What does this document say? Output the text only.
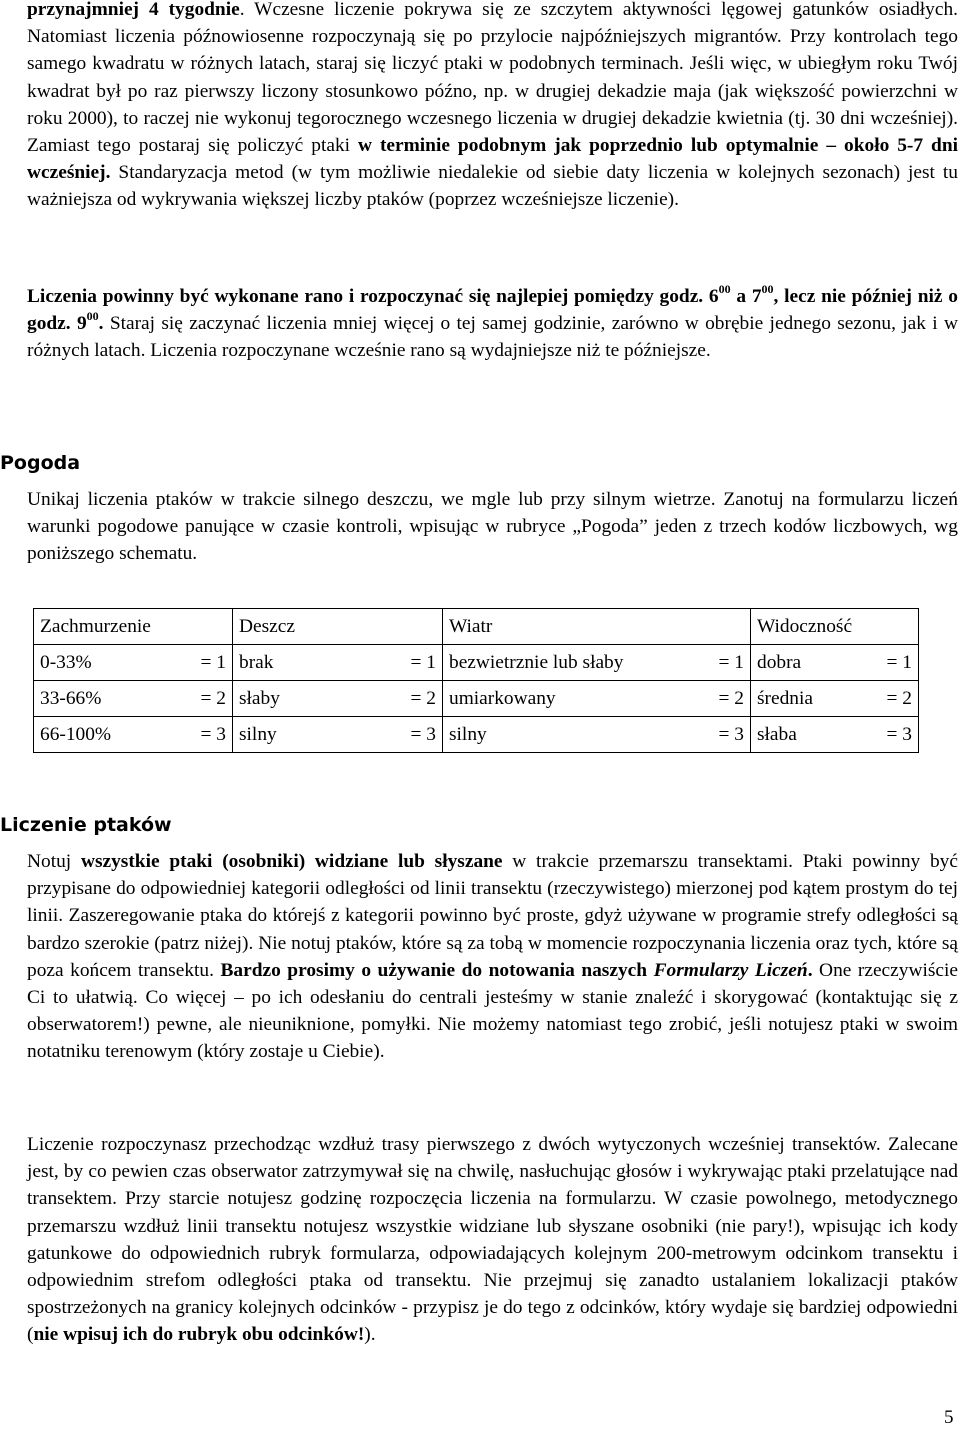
przynajmniej 4 tygodnie. Wczesne liczenie pokrywa się ze szczytem aktywności lęgowej gatunków osiadłych. Natomiast liczenia późnowiosenne rozpoczynają się po przylocie najpóźniejszych migrantów. Przy kontrolach tego samego kwadratu w różnych latach, staraj się liczyć ptaki w podobnych terminach. Jeśli więc, w ubiegłym roku Twój kwadrat był po raz pierwszy liczony stosunkowo późno, np. w drugiej dekadzie maja (jak większość powierzchni w roku 2000), to raczej nie wykonuj tegorocznego wczesnego liczenia w drugiej dekadzie kwietnia (tj. 30 dni wcześniej). Zamiast tego postaraj się policzyć ptaki w terminie podobnym jak poprzednio lub optymalnie – około 5-7 dni wcześniej. Standaryzacja metod (w tym możliwie niedalekie od siebie daty liczenia w kolejnych sezonach) jest tu ważniejsza od wykrywania większej liczby ptaków (poprzez wcześniejsze liczenie).

Liczenia powinny być wykonane rano i rozpoczynać się najlepiej pomiędzy godz. $6^{00}$ a $7^{00}$, lecz nie później niż o godz. $9^{00}$. Staraj się zaczynać liczenia mniej więcej o tej samej godzinie, zarówno w obrębie jednego sezonu, jak i w różnych latach. Liczenia rozpoczynane wcześnie rano są wydajniejsze niż te późniejsze.

Pogoda

Unikaj liczenia ptaków w trakcie silnego deszczu, we mgle lub przy silnym wietrze. Zanotuj na formularzu liczeń warunki pogodowe panujące w czasie kontroli, wpisując w rubryce „Pogoda” jeden z trzech kodów liczbowych, wg poniższego schematu.

Zachmurzenie	Deszcz	Wiatr	Widoczność

0-33% = 1	brak = 1	bezwietrznie lub słaby = 1	dobra = 1

33-66% = 2	słaby = 2	umiarkowany = 2	średnia = 2

66-100% = 3	silny = 3	silny = 3	słaba = 3
Liczenie ptaków

Notuj wszystkie ptaki (osobniki) widziane lub słyszane w trakcie przemarszu transektami. Ptaki powinny być przypisane do odpowiedniej kategorii odległości od linii transektu (rzeczywistego) mierzonej pod kątem prostym do tej linii. Zaszeregowanie ptaka do którejś z kategorii powinno być proste, gdyż używane w programie strefy odległości są bardzo szerokie (patrz niżej). Nie notuj ptaków, które są za tobą w momencie rozpoczynania liczenia oraz tych, które są poza końcem transektu. Bardzo prosimy o używanie do notowania naszych Formularzy Liczeń. One rzeczywiście Ci to ułatwią. Co więcej – po ich odesłaniu do centrali jesteśmy w stanie znaleźć i skorygować (kontaktując się z obserwatorem!) pewne, ale nieuniknione, pomyłki. Nie możemy natomiast tego zrobić, jeśli notujesz ptaki w swoim notatniku terenowym (który zostaje u Ciebie).

Liczenie rozpoczynasz przechodząc wzdłuż trasy pierwszego z dwóch wytyczonych wcześniej transektów. Zalecane jest, by co pewien czas obserwator zatrzymywał się na chwilę, nasłuchując głosów i wykrywając ptaki przelatujące nad transektem. Przy starcie notujesz godzinę rozpoczęcia liczenia na formularzu. W czasie powolnego, metodycznego przemarszu wzdłuż linii transektu notujesz wszystkie widziane lub słyszane osobniki (nie pary!), wpisując ich kody gatunkowe do odpowiednich rubryk formularza, odpowiadających kolejnym 200-metrowym odcinkom transektu i odpowiednim strefom odległości ptaka od transektu. Nie przejmuj się zanadto ustalaniem lokalizacji ptaków spostrzeżonych na granicy kolejnych odcinków - przypisz je do tego z odcinków, który wydaje się bardziej odpowiedni (nie wpisuj ich do rubryk obu odcinków!).

5
